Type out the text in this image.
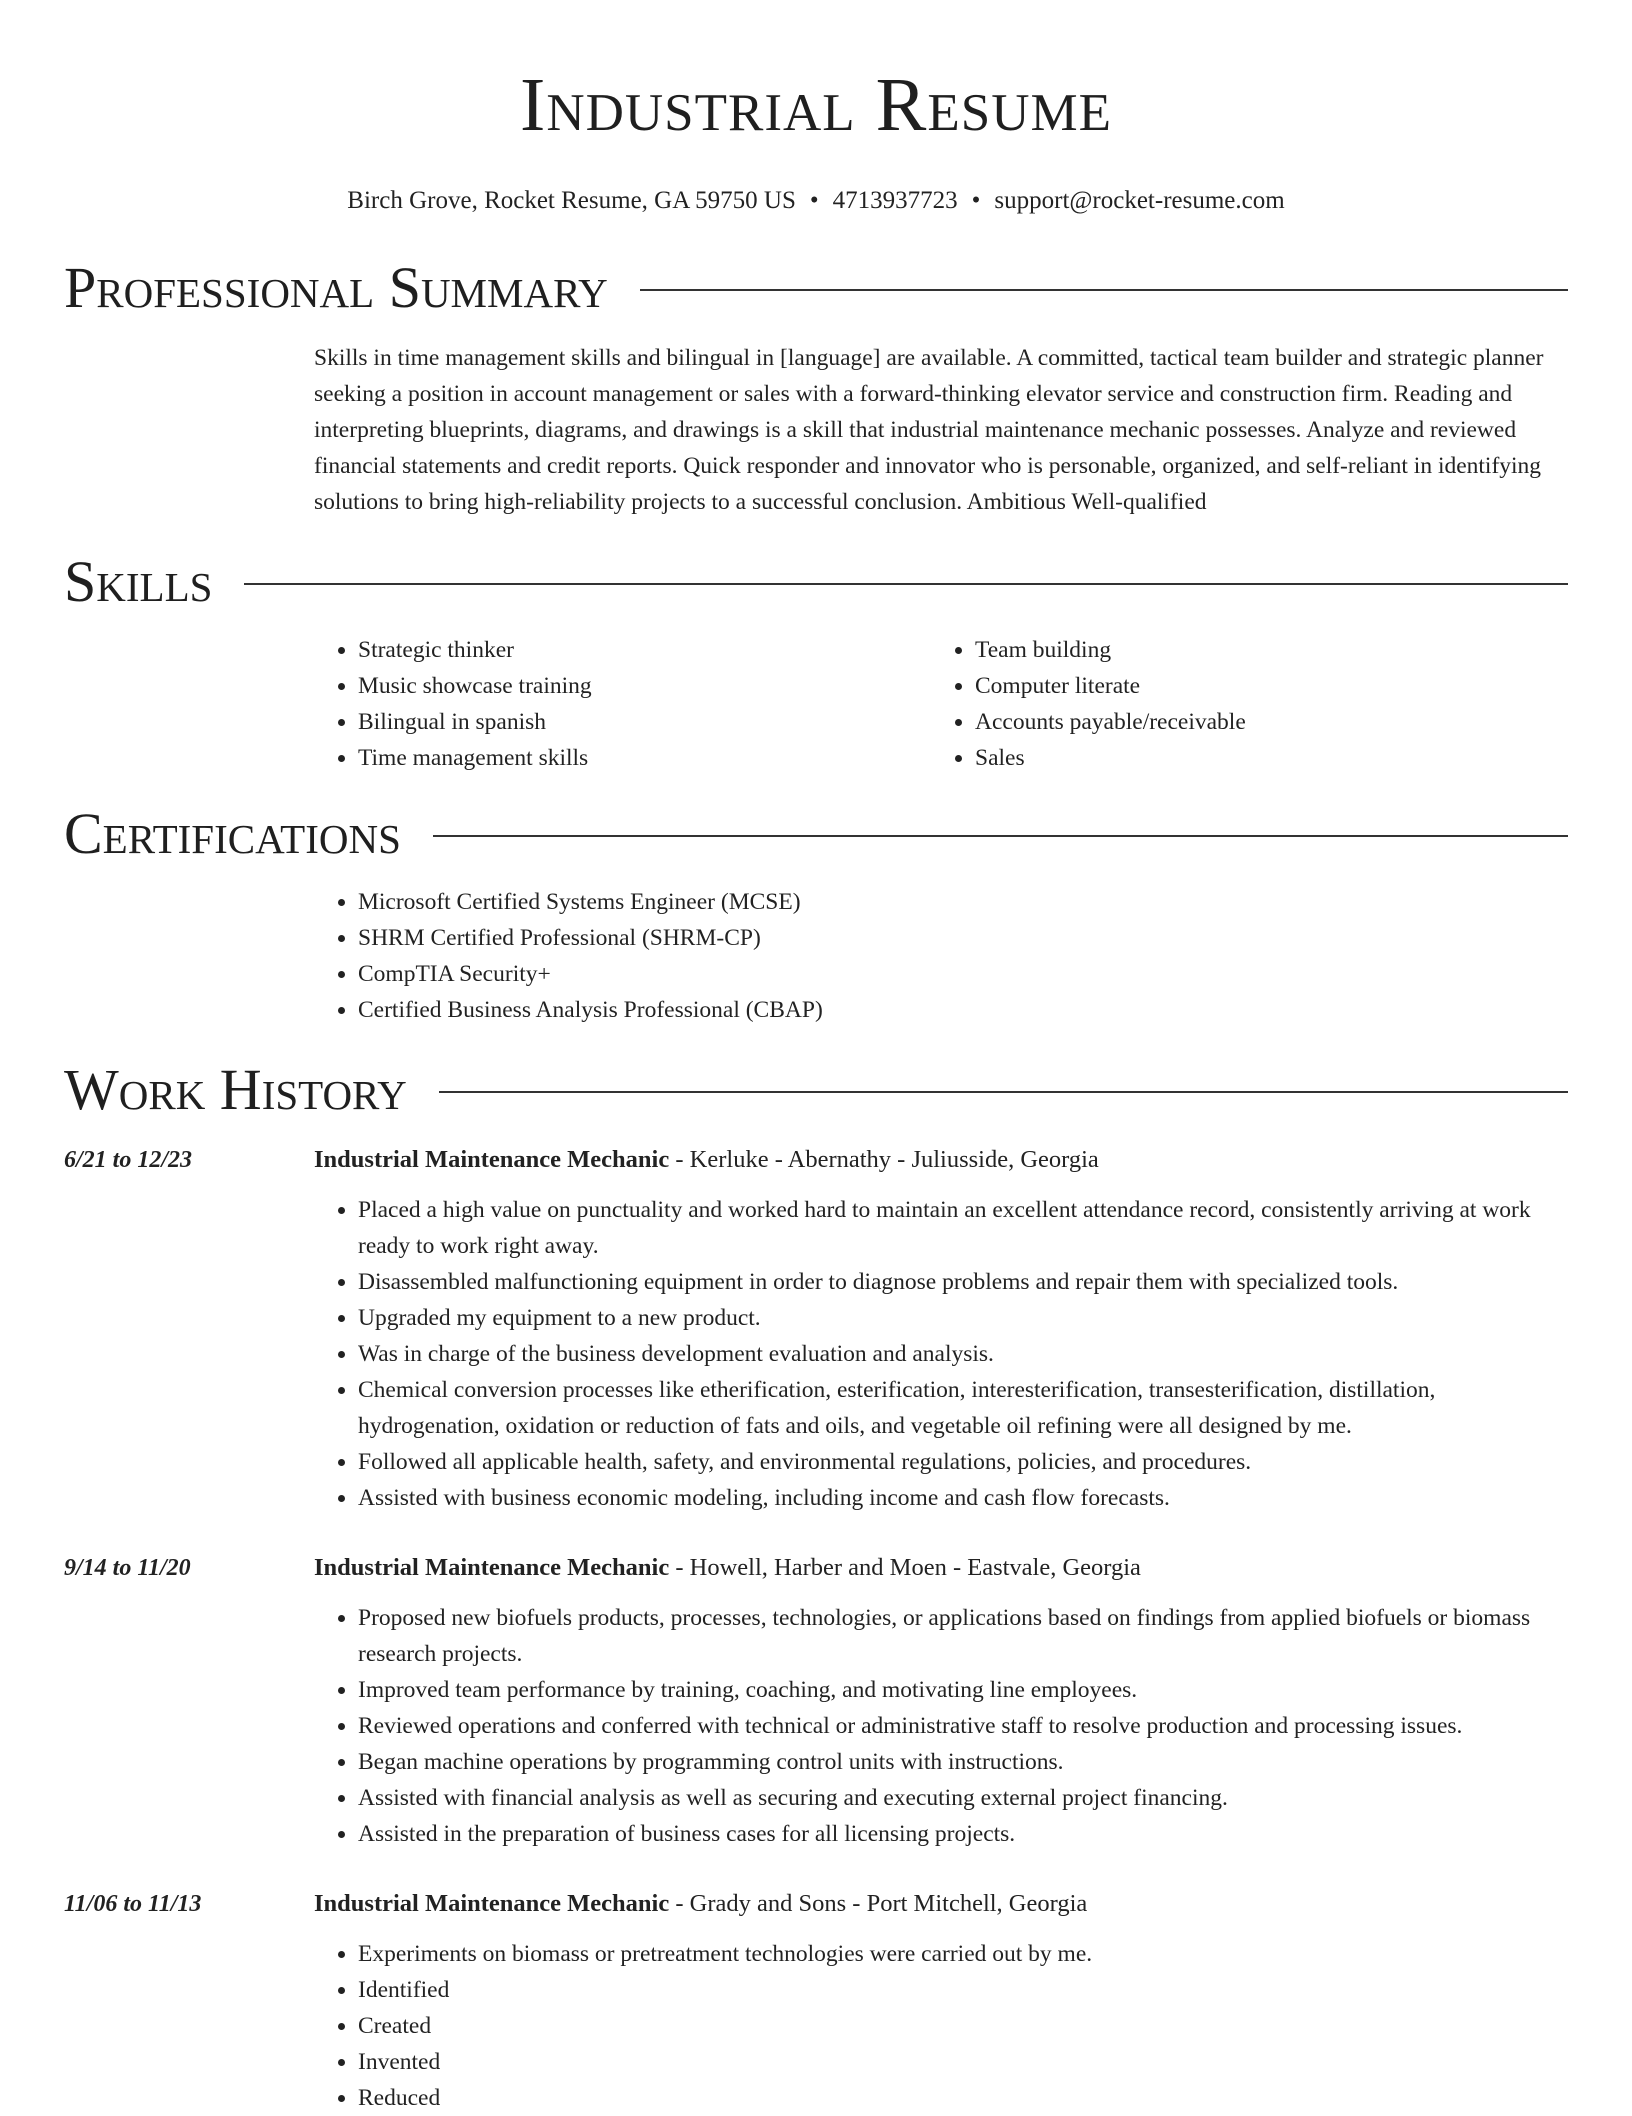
Industrial Resume
Birch Grove, Rocket Resume, GA 59750 US • 4713937723 • support@rocket-resume.com
Professional Summary

Skills in time management skills and bilingual in [language] are available. A committed, tactical team builder and strategic planner seeking a position in account management or sales with a forward-thinking elevator service and construction firm. Reading and interpreting blueprints, diagrams, and drawings is a skill that industrial maintenance mechanic possesses. Analyze and reviewed financial statements and credit reports. Quick responder and innovator who is personable, organized, and self-reliant in identifying solutions to bring high-reliability projects to a successful conclusion. Ambitious Well-qualified

Skills
• Strategic thinker
• Music showcase training
• Bilingual in spanish
• Time management skills
• Team building
• Computer literate
• Accounts payable/receivable
• Sales
Certifications
• Microsoft Certified Systems Engineer (MCSE)
• SHRM Certified Professional (SHRM-CP)
• CompTIA Security+
• Certified Business Analysis Professional (CBAP)
Work History
6/21 to 12/23	Industrial Maintenance Mechanic - Kerluke - Abernathy - Juliusside, Georgia
• Placed a high value on punctuality and worked hard to maintain an excellent attendance record, consistently arriving at work ready to work right away.
• Disassembled malfunctioning equipment in order to diagnose problems and repair them with specialized tools.
• Upgraded my equipment to a new product.
• Was in charge of the business development evaluation and analysis.
• Chemical conversion processes like etherification, esterification, interesterification, transesterification, distillation, hydrogenation, oxidation or reduction of fats and oils, and vegetable oil refining were all designed by me.
• Followed all applicable health, safety, and environmental regulations, policies, and procedures.
• Assisted with business economic modeling, including income and cash flow forecasts.
9/14 to 11/20	Industrial Maintenance Mechanic - Howell, Harber and Moen - Eastvale, Georgia
• Proposed new biofuels products, processes, technologies, or applications based on findings from applied biofuels or biomass research projects.
• Improved team performance by training, coaching, and motivating line employees.
• Reviewed operations and conferred with technical or administrative staff to resolve production and processing issues.
• Began machine operations by programming control units with instructions.
• Assisted with financial analysis as well as securing and executing external project financing.
• Assisted in the preparation of business cases for all licensing projects.
11/06 to 11/13	Industrial Maintenance Mechanic - Grady and Sons - Port Mitchell, Georgia
• Experiments on biomass or pretreatment technologies were carried out by me.
• Identified
• Created
• Invented
• Reduced
